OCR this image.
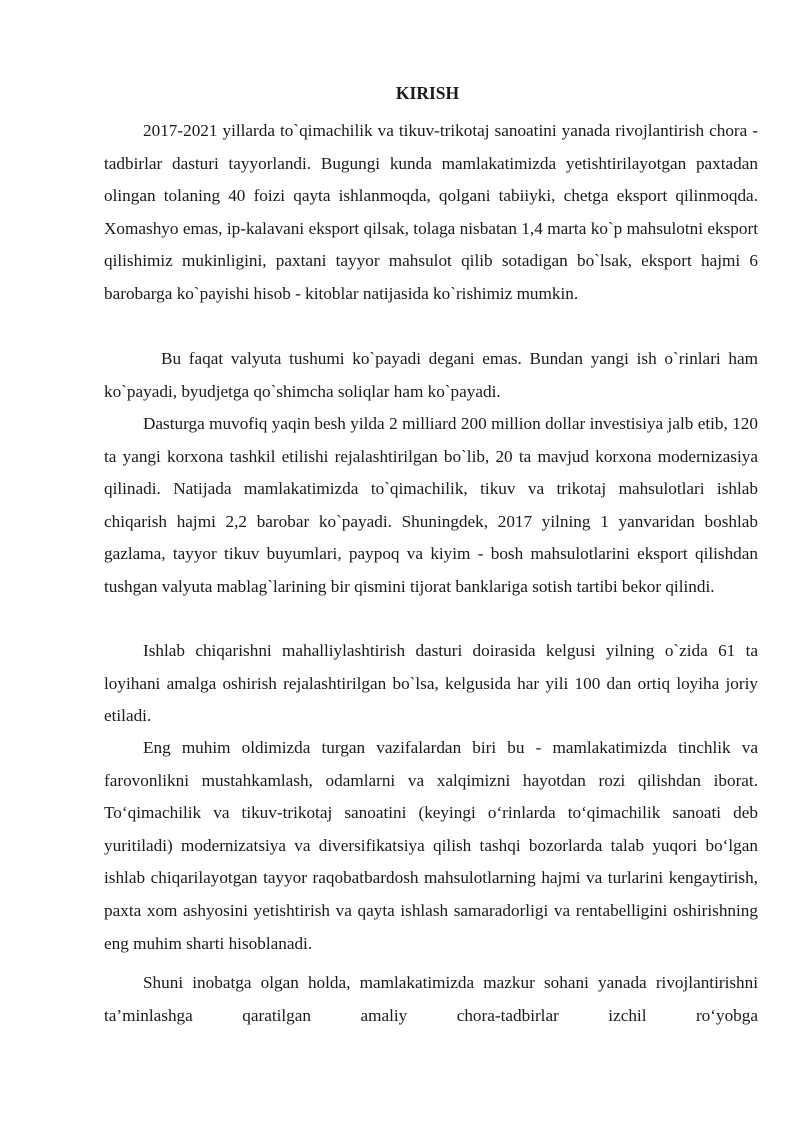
KIRISH

2017-2021 yillarda to`qimachilik va tikuv-trikotaj sanoatini yanada rivojlantirish chora - tadbirlar dasturi tayyorlandi. Bugungi kunda mamlakatimizda yetishtirilayotgan paxtadan olingan tolaning 40 foizi qayta ishlanmoqda, qolgani tabiiyki, chetga eksport qilinmoqda. Xomashyo emas, ip-kalavani eksport qilsak, tolaga nisbatan 1,4 marta ko`p mahsulotni eksport qilishimiz mukinligini, paxtani tayyor mahsulot qilib sotadigan bo`lsak, eksport hajmi 6 barobarga ko`payishi hisob - kitoblar natijasida ko`rishimiz mumkin.

Bu faqat valyuta tushumi ko`payadi degani emas. Bundan yangi ish o`rinlari ham ko`payadi, byudjetga qo`shimcha soliqlar ham ko`payadi.

Dasturga muvofiq yaqin besh yilda 2 milliard 200 million dollar investisiya jalb etib, 120 ta yangi korxona tashkil etilishi rejalashtirilgan bo`lib, 20 ta mavjud korxona modernizasiya qilinadi. Natijada mamlakatimizda to`qimachilik, tikuv va trikotaj mahsulotlari ishlab chiqarish hajmi 2,2 barobar ko`payadi. Shuningdek, 2017 yilning 1 yanvaridan boshlab gazlama, tayyor tikuv buyumlari, paypoq va kiyim - bosh mahsulotlarini eksport qilishdan tushgan valyuta mablag`larining bir qismini tijorat banklariga sotish tartibi bekor qilindi.

Ishlab chiqarishni mahalliylashtirish dasturi doirasida kelgusi yilning o`zida 61 ta loyihani amalga oshirish rejalashtirilgan bo`lsa, kelgusida har yili 100 dan ortiq loyiha joriy etiladi.

Eng muhim oldimizda turgan vazifalardan biri bu - mamlakatimizda tinchlik va farovonlikni mustahkamlash, odamlarni va xalqimizni hayotdan rozi qilishdan iborat. To‘qimachilik va tikuv-trikotaj sanoatini (keyingi o‘rinlarda to‘qimachilik sanoati deb yuritiladi) modernizatsiya va diversifikatsiya qilish tashqi bozorlarda talab yuqori bo‘lgan ishlab chiqarilayotgan tayyor raqobatbardosh mahsulotlarning hajmi va turlarini kengaytirish, paxta xom ashyosini yetishtirish va qayta ishlash samaradorligi va rentabelligini oshirishning eng muhim sharti hisoblanadi.

Shuni inobatga olgan holda, mamlakatimizda mazkur sohani yanada rivojlantirishni ta’minlashga qaratilgan amaliy chora-tadbirlar izchil ro‘yobga
